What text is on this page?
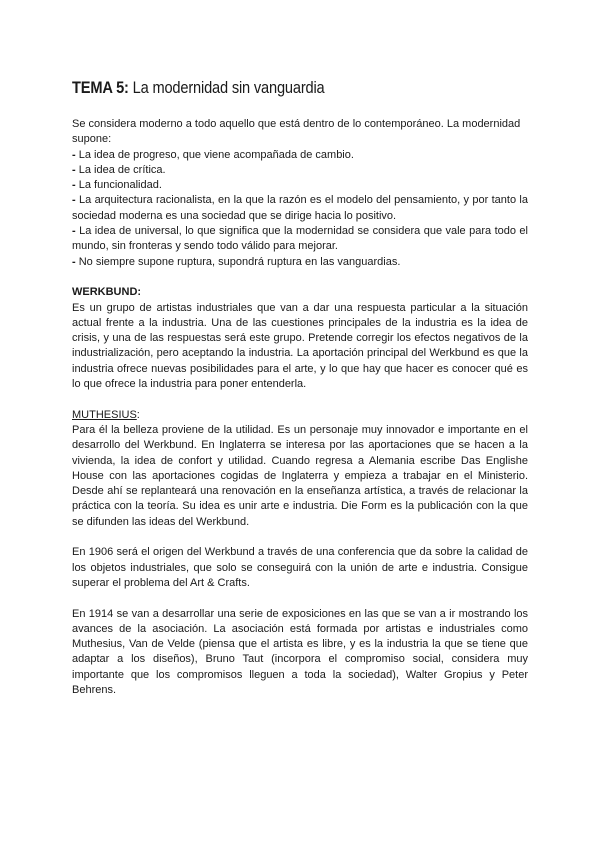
TEMA 5: La modernidad sin vanguardia

Se considera moderno a todo aquello que está dentro de lo contemporáneo. La modernidad supone:

- La idea de progreso, que viene acompañada de cambio.

- La idea de crítica.

- La funcionalidad.

- La arquitectura racionalista, en la que la razón es el modelo del pensamiento, y por tanto la sociedad moderna es una sociedad que se dirige hacia lo positivo.

- La idea de universal, lo que significa que la modernidad se considera que vale para todo el mundo, sin fronteras y sendo todo válido para mejorar.

- No siempre supone ruptura, supondrá ruptura en las vanguardias.

WERKBUND:

Es un grupo de artistas industriales que van a dar una respuesta particular a la situación actual frente a la industria. Una de las cuestiones principales de la industria es la idea de crisis, y una de las respuestas será este grupo. Pretende corregir los efectos negativos de la industrialización, pero aceptando la industria. La aportación principal del Werkbund es que la industria ofrece nuevas posibilidades para el arte, y lo que hay que hacer es conocer qué es lo que ofrece la industria para poner entenderla.

MUTHESIUS:

Para él la belleza proviene de la utilidad. Es un personaje muy innovador e importante en el desarrollo del Werkbund. En Inglaterra se interesa por las aportaciones que se hacen a la vivienda, la idea de confort y utilidad. Cuando regresa a Alemania escribe Das Englishe House con las aportaciones cogidas de Inglaterra y empieza a trabajar en el Ministerio. Desde ahí se replanteará una renovación en la enseñanza artística, a través de relacionar la práctica con la teoría. Su idea es unir arte e industria. Die Form es la publicación con la que se difunden las ideas del Werkbund.

En 1906 será el origen del Werkbund a través de una conferencia que da sobre la calidad de los objetos industriales, que solo se conseguirá con la unión de arte e industria. Consigue superar el problema del Art & Crafts.

En 1914 se van a desarrollar una serie de exposiciones en las que se van a ir mostrando los avances de la asociación. La asociación está formada por artistas e industriales como Muthesius, Van de Velde (piensa que el artista es libre, y es la industria la que se tiene que adaptar a los diseños), Bruno Taut (incorpora el compromiso social, considera muy importante que los compromisos lleguen a toda la sociedad), Walter Gropius y Peter Behrens.
